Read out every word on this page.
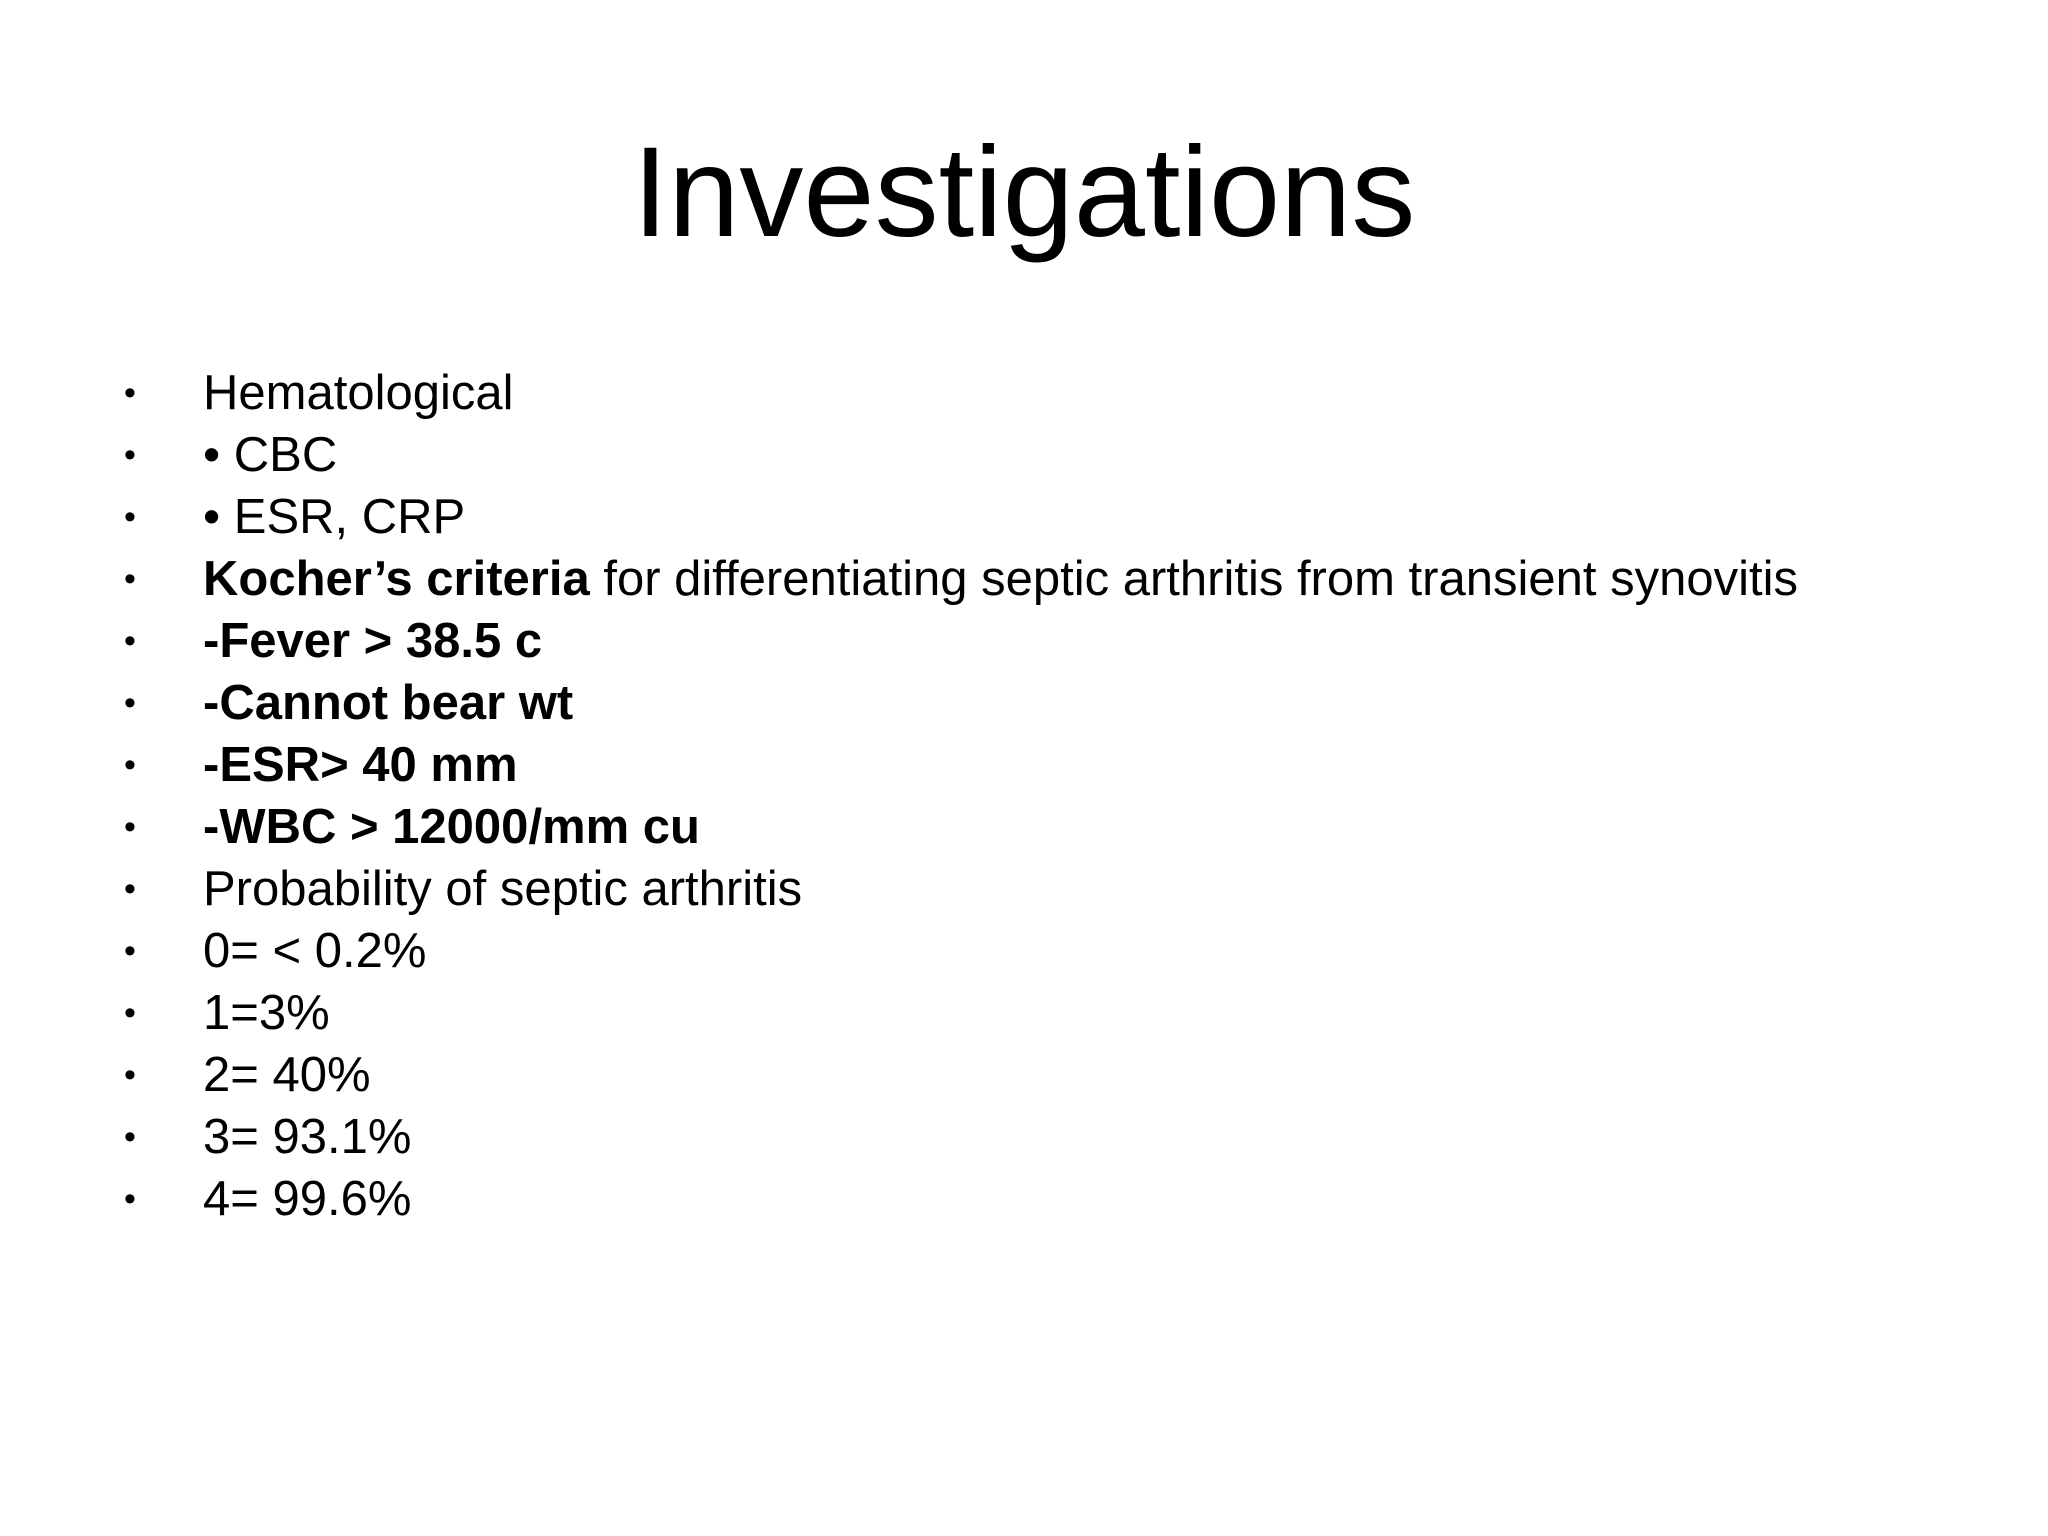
Investigations
• Hematological
• • CBC
• • ESR, CRP
• Kocher’s criteria for differentiating septic arthritis from transient synovitis
• -Fever > 38.5 c
• -Cannot bear wt
• -ESR> 40 mm
• -WBC > 12000/mm cu
• Probability of septic arthritis
• 0= < 0.2%
• 1=3%
• 2= 40%
• 3= 93.1%
• 4= 99.6%
